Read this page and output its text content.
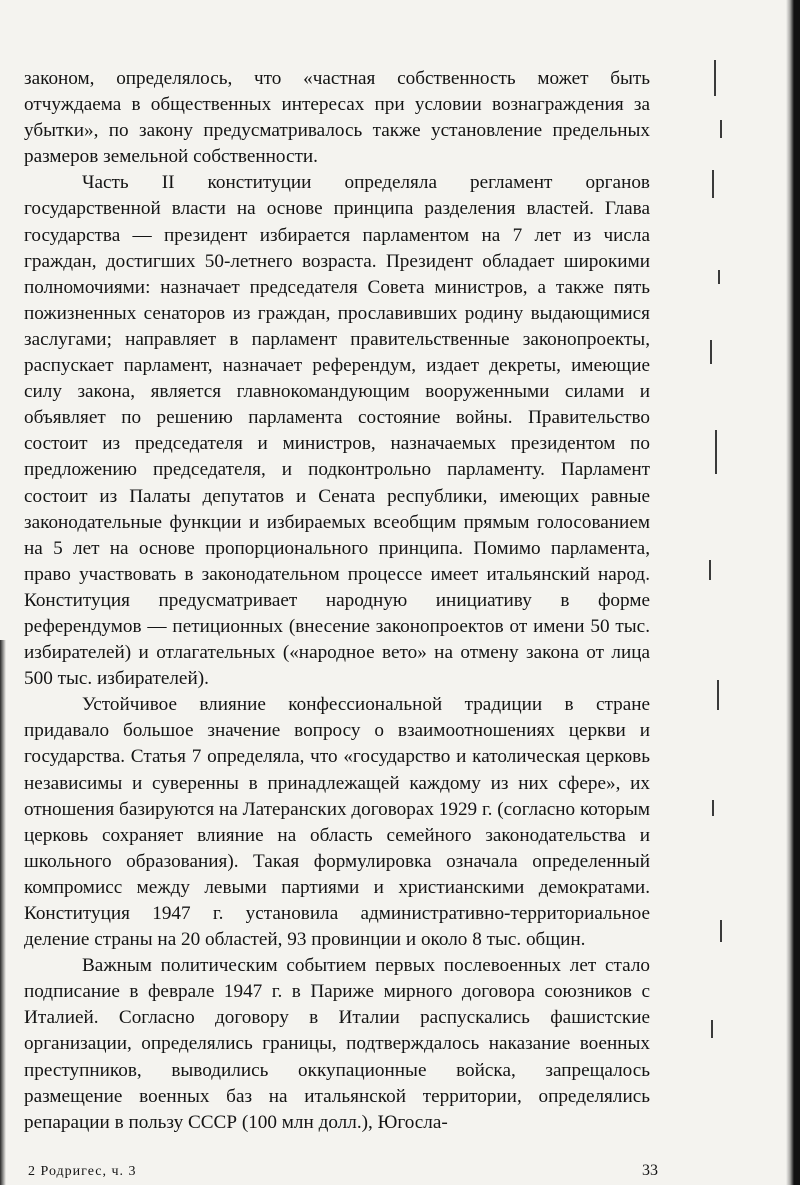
законом, определялось, что «частная собственность может быть отчуждаема в общественных интересах при условии вознаграждения за убытки», по закону предусматривалось также установление предельных размеров земельной собственности.

Часть II конституции определяла регламент органов государственной власти на основе принципа разделения властей. Глава государства — президент избирается парламентом на 7 лет из числа граждан, достигших 50-летнего возраста. Президент обладает широкими полномочиями: назначает председателя Совета министров, а также пять пожизненных сенаторов из граждан, прославивших родину выдающимися заслугами; направляет в парламент правительственные законопроекты, распускает парламент, назначает референдум, издает декреты, имеющие силу закона, является главнокомандующим вооруженными силами и объявляет по решению парламента состояние войны. Правительство состоит из председателя и министров, назначаемых президентом по предложению председателя, и подконтрольно парламенту. Парламент состоит из Палаты депутатов и Сената республики, имеющих равные законодательные функции и избираемых всеобщим прямым голосованием на 5 лет на основе пропорционального принципа. Помимо парламента, право участвовать в законодательном процессе имеет итальянский народ. Конституция предусматривает народную инициативу в форме референдумов — петиционных (внесение законопроектов от имени 50 тыс. избирателей) и отлагательных («народное вето» на отмену закона от лица 500 тыс. избирателей).

Устойчивое влияние конфессиональной традиции в стране придавало большое значение вопросу о взаимоотношениях церкви и государства. Статья 7 определяла, что «государство и католическая церковь независимы и суверенны в принадлежащей каждому из них сфере», их отношения базируются на Латеранских договорах 1929 г. (согласно которым церковь сохраняет влияние на область семейного законодательства и школьного образования). Такая формулировка означала определенный компромисс между левыми партиями и христианскими демократами. Конституция 1947 г. установила административно-территориальное деление страны на 20 областей, 93 провинции и около 8 тыс. общин.

Важным политическим событием первых послевоенных лет стало подписание в феврале 1947 г. в Париже мирного договора союзников с Италией. Согласно договору в Италии распускались фашистские организации, определялись границы, подтверждалось наказание военных преступников, выводились оккупационные войска, запрещалось размещение военных баз на итальянской территории, определялись репарации в пользу СССР (100 млн долл.), Югосла-

2 Родригес, ч. 3	33
